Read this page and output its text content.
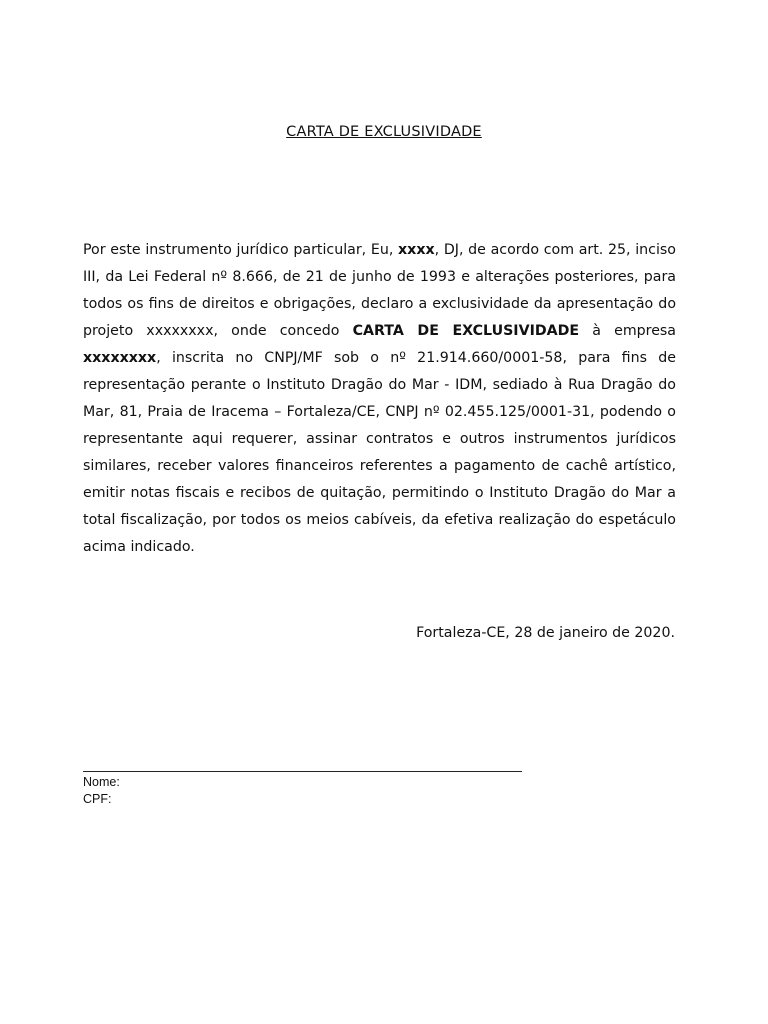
CARTA DE EXCLUSIVIDADE
Por este instrumento jurídico particular, Eu, xxxx, DJ, de acordo com art. 25, inciso III, da Lei Federal nº 8.666, de 21 de junho de 1993 e alterações posteriores, para todos os fins de direitos e obrigações, declaro a exclusividade da apresentação do projeto xxxxxxxx, onde concedo CARTA DE EXCLUSIVIDADE à empresa xxxxxxxx, inscrita no CNPJ/MF sob o nº 21.914.660/0001-58, para fins de representação perante o Instituto Dragão do Mar - IDM, sediado à Rua Dragão do Mar, 81, Praia de Iracema – Fortaleza/CE, CNPJ nº 02.455.125/0001-31, podendo o representante aqui requerer, assinar contratos e outros instrumentos jurídicos similares, receber valores financeiros referentes a pagamento de cachê artístico, emitir notas fiscais e recibos de quitação, permitindo o Instituto Dragão do Mar a total fiscalização, por todos os meios cabíveis, da efetiva realização do espetáculo acima indicado.
Fortaleza-CE, 28 de janeiro de 2020.
Nome:
CPF:
